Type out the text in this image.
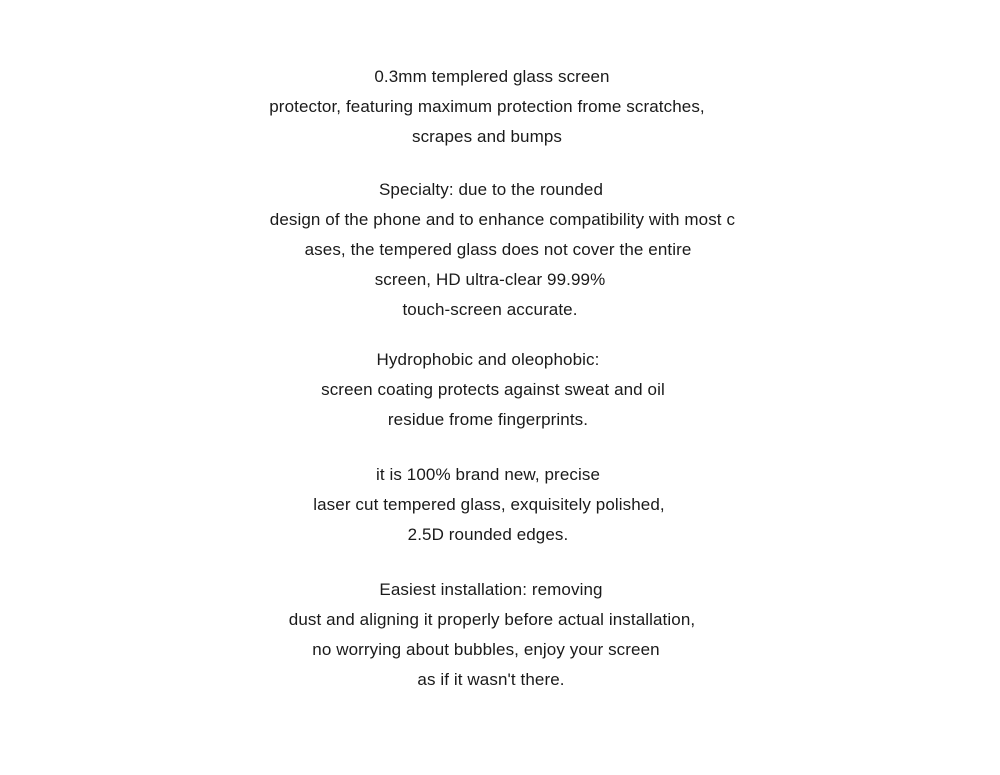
0.3mm templered glass screen
protector, featuring maximum protection frome scratches,
scrapes and bumps
Specialty: due to the rounded
design of the phone and to enhance compatibility with most c
ases, the tempered glass does not cover the entire
screen, HD ultra-clear 99.99%
touch-screen accurate.
Hydrophobic and oleophobic:
screen coating protects against sweat and oil
residue frome fingerprints.
it is 100% brand new, precise
laser cut tempered glass, exquisitely polished,
2.5D rounded edges.
Easiest installation: removing
dust and aligning it properly before actual installation,
no worrying about bubbles, enjoy your screen
as if it wasn't there.
